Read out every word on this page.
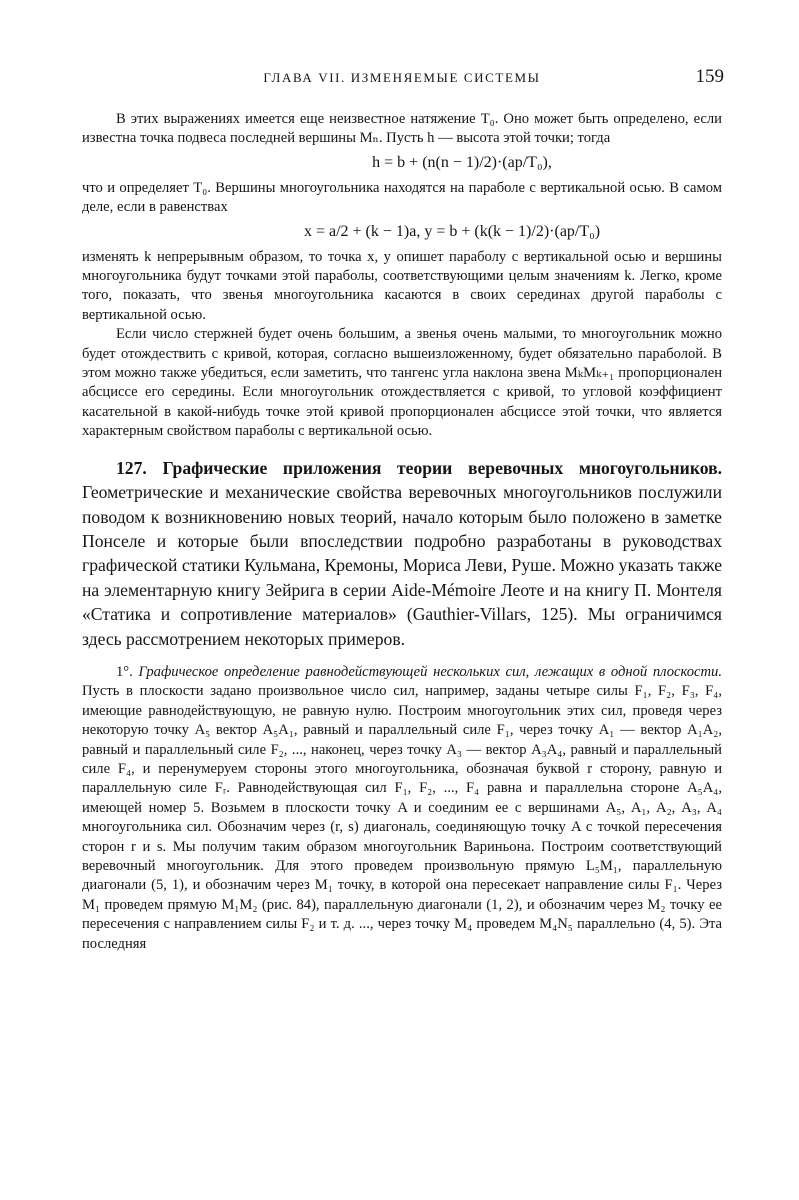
ГЛАВА VII. ИЗМЕНЯЕМЫЕ СИСТЕМЫ	159

В этих выражениях имеется еще неизвестное натяжение T₀. Оно может быть определено, если известна точка подвеса последней вершины Mₙ. Пусть h — высота этой точки; тогда

h = b + (n(n − 1)/2)·(ap/T₀),

что и определяет T₀. Вершины многоугольника находятся на параболе с вертикальной осью. В самом деле, если в равенствах

x = a/2 + (k − 1)a, y = b + (k(k − 1)/2)·(ap/T₀)

изменять k непрерывным образом, то точка x, y опишет параболу с вертикальной осью и вершины многоугольника будут точками этой параболы, соответствующими целым значениям k. Легко, кроме того, показать, что звенья многоугольника касаются в своих серединах другой параболы с вертикальной осью.

Если число стержней будет очень большим, а звенья очень малыми, то многоугольник можно будет отождествить с кривой, которая, согласно вышеизложенному, будет обязательно параболой. В этом можно также убедиться, если заметить, что тангенс угла наклона звена MₖMₖ₊₁ пропорционален абсциссе его середины. Если многоугольник отождествляется с кривой, то угловой коэффициент касательной в какой-нибудь точке этой кривой пропорционален абсциссе этой точки, что является характерным свойством параболы с вертикальной осью.

127. Графические приложения теории веревочных многоугольников. Геометрические и механические свойства веревочных многоугольников послужили поводом к возникновению новых теорий, начало которым было положено в заметке Понселе и которые были впоследствии подробно разработаны в руководствах графической статики Кульмана, Кремоны, Мориса Леви, Руше. Можно указать также на элементарную книгу Зейрига в серии Aide-Mémoire Леоте и на книгу П. Монтеля «Статика и сопротивление материалов» (Gauthier-Villars, 125). Мы ограничимся здесь рассмотрением некоторых примеров.

1°. Графическое определение равнодействующей нескольких сил, лежащих в одной плоскости. Пусть в плоскости задано произвольное число сил, например, заданы четыре силы F₁, F₂, F₃, F₄, имеющие равнодействующую, не равную нулю. Построим многоугольник этих сил, проведя через некоторую точку A₅ вектор A₅A₁, равный и параллельный силе F₁, через точку A₁ — вектор A₁A₂, равный и параллельный силе F₂, ..., наконец, через точку A₃ — вектор A₃A₄, равный и параллельный силе F₄, и перенумеруем стороны этого многоугольника, обозначая буквой r сторону, равную и параллельную силе Fᵣ. Равнодействующая сил F₁, F₂, ..., F₄ равна и параллельна стороне A₅A₄, имеющей номер 5. Возьмем в плоскости точку A и соединим ее с вершинами A₅, A₁, A₂, A₃, A₄ многоугольника сил. Обозначим через (r, s) диагональ, соединяющую точку A с точкой пересечения сторон r и s. Мы получим таким образом многоугольник Вариньона. Построим соответствующий веревочный многоугольник. Для этого проведем произвольную прямую L₅M₁, параллельную диагонали (5, 1), и обозначим через M₁ точку, в которой она пересекает направление силы F₁. Через M₁ проведем прямую M₁M₂ (рис. 84), параллельную диагонали (1, 2), и обозначим через M₂ точку ее пересечения с направлением силы F₂ и т. д. ..., через точку M₄ проведем M₄N₅ параллельно (4, 5). Эта последняя
